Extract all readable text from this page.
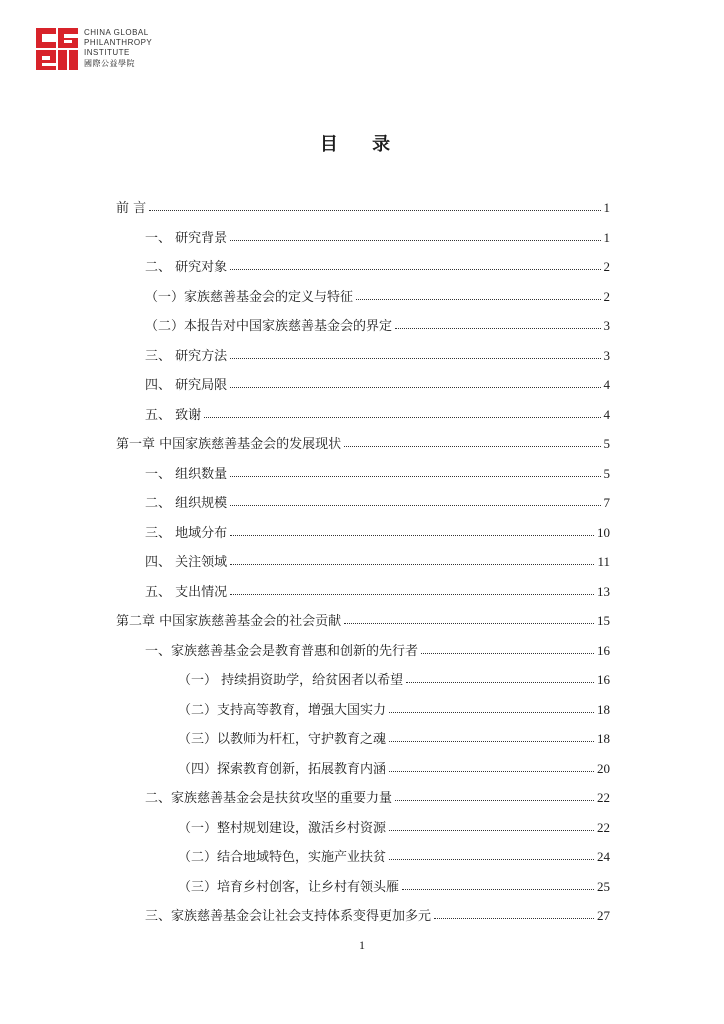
CHINA GLOBAL
PHILANTHROPY
INSTITUTE
國際公益學院
目 录
前 言	1
一、 研究背景	1
二、 研究对象	2
（一）家族慈善基金会的定义与特征	2
（二）本报告对中国家族慈善基金会的界定	3
三、 研究方法	3
四、 研究局限	4
五、 致谢	4
第一章 中国家族慈善基金会的发展现状	5
一、 组织数量	5
二、 组织规模	7
三、 地域分布	10
四、 关注领域	11
五、 支出情况	13
第二章 中国家族慈善基金会的社会贡献	15
一、家族慈善基金会是教育普惠和创新的先行者	16
（一） 持续捐资助学，给贫困者以希望	16
（二）支持高等教育，增强大国实力	18
（三）以教师为杆杠，守护教育之魂	18
（四）探索教育创新，拓展教育内涵	20
二、家族慈善基金会是扶贫攻坚的重要力量	22
（一）整村规划建设，激活乡村资源	22
（二）结合地域特色，实施产业扶贫	24
（三）培育乡村创客，让乡村有领头雁	25
三、家族慈善基金会让社会支持体系变得更加多元	27
1
